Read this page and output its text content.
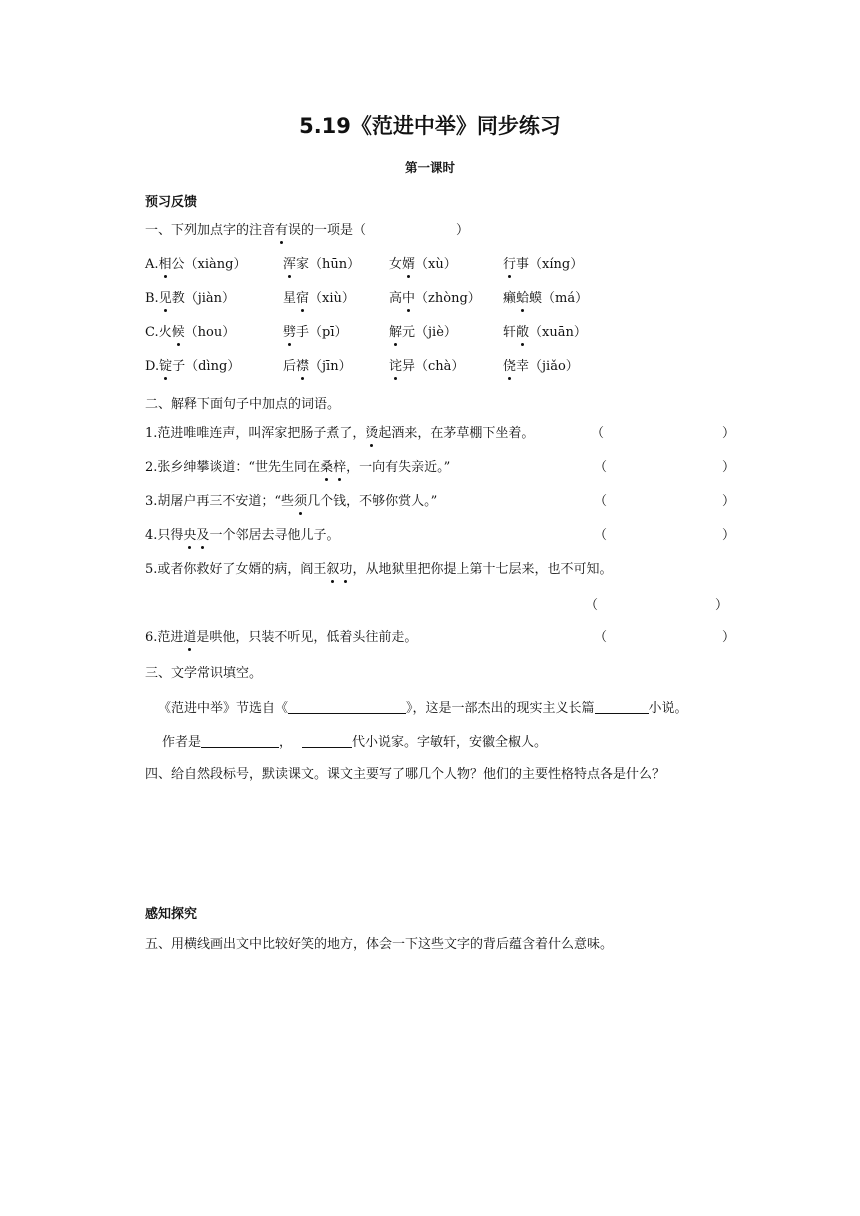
5.19《范进中举》同步练习
第一课时
预习反馈
一、下列加点字的注音有误的一项是（	）
A.相公（xiàng）	浑家（hūn） 女婿（xù）	行事（xíng）
B.见教（jiàn）	星宿（xiù）	高中（zhòng） 癞蛤蟆（má）
C.火候（hou）	劈手（pī）	解元（jiè）	轩敞（xuān）
D.锭子（dìng）	后襟（jīn）	诧异（chà）	侥幸（jiǎo）
二、解释下面句子中加点的词语。
1.范进唯唯连声，叫浑家把肠子煮了，烫起酒来，在茅草棚下坐着。	（	）
2.张乡绅攀谈道：“世先生同在桑梓，一向有失亲近。”	（	）
3.胡屠户再三不安道；“些须几个钱，不够你赏人。”	（	）
4.只得央及一个邻居去寻他儿子。	（	）
5.或者你救好了女婿的病，阎王叙功，从地狱里把你提上第十七层来，也不可知。
（	）
6.范进道是哄他，只装不听见，低着头往前走。	（	）
三、文学常识填空。
《范进中举》节选自《	》，这是一部杰出的现实主义长篇	小说。
作者是	，	代小说家。字敏轩，安徽全椒人。
四、给自然段标号，默读课文。课文主要写了哪几个人物？他们的主要性格特点各是什么？
感知探究
五、用横线画出文中比较好笑的地方，体会一下这些文字的背后蕴含着什么意味。
